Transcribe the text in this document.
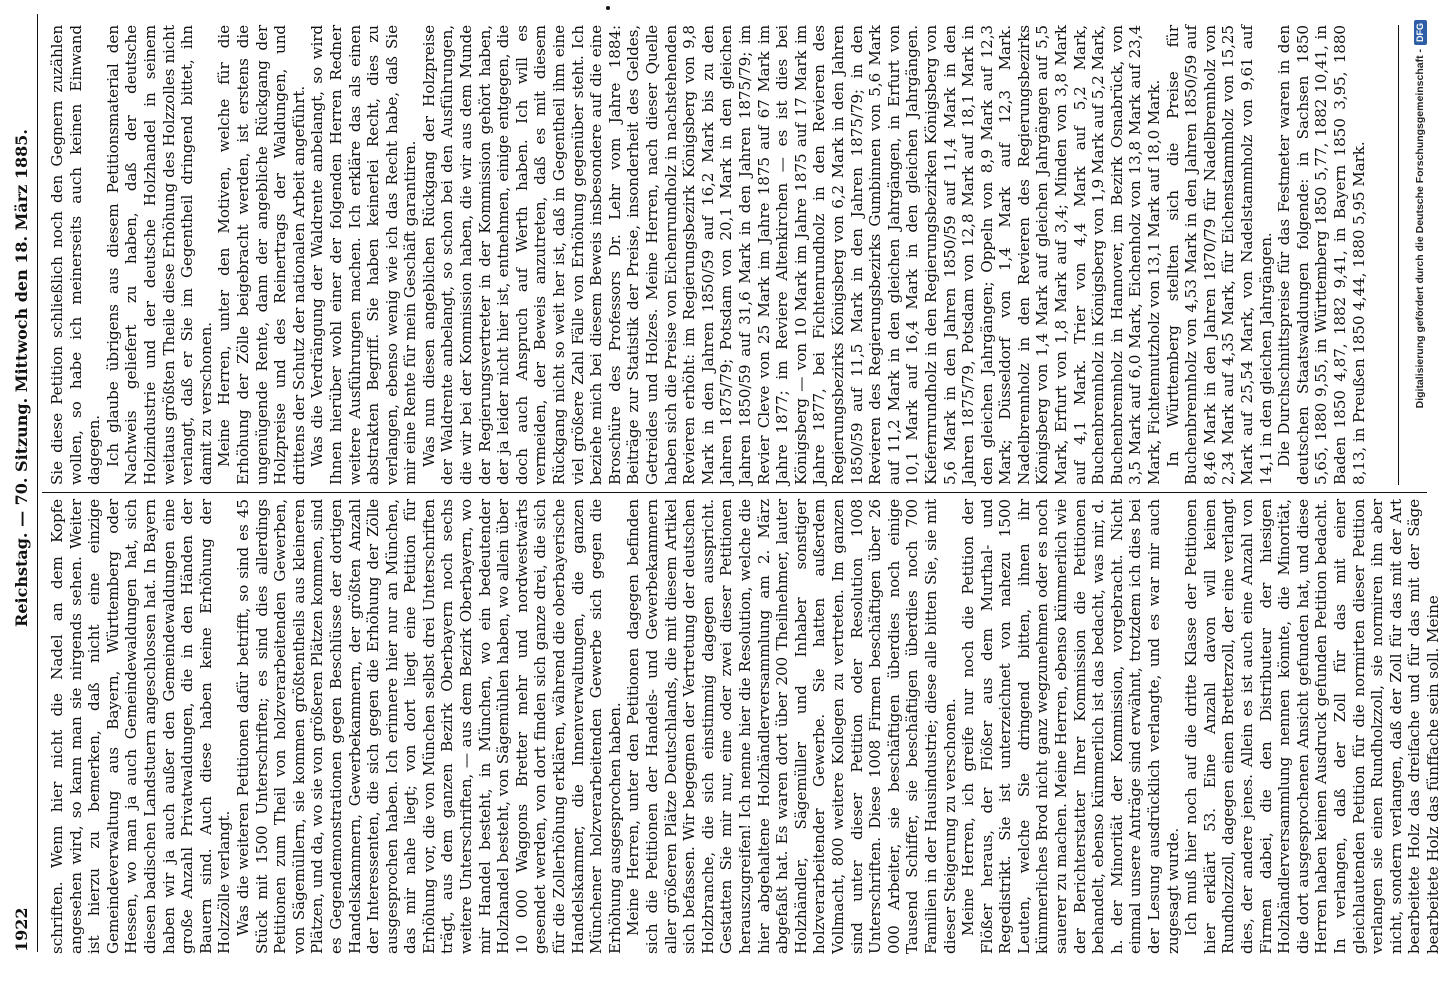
1922
Reichstag. — 70. Sitzung. Mittwoch den 18. März 1885.

schriften. Wenn hier nicht die Nadel an dem Kopfe angesehen wird, so kann man sie nirgends sehen. Weiter ist hierzu zu bemerken, daß nicht eine einzige Gemeindeverwaltung aus Bayern, Württemberg oder Hessen, wo man ja auch Gemeindewaldungen hat, sich diesen badischen Landstuern angeschlossen hat. In Bayern haben wir ja auch außer den Gemeindewaldungen eine große Anzahl Privatwaldungen, die in den Händen der Bauern sind. Auch diese haben keine Erhöhung der Holzzölle verlangt. Was die weiteren Petitionen dafür betrifft, so sind es 45 Stück mit 1500 Unterschriften; es sind dies allerdings Petitionen zum Theil von holzverarbeitenden Gewerben, von Sägemüllern, sie kommen größtentheils aus kleineren Plätzen, und da, wo sie von größeren Plätzen kommen, sind es Gegendemonstrationen gegen Beschlüsse der dortigen Handelskammern, Gewerbekammern, der größten Anzahl der Interessenten, die sich gegen die Erhöhung der Zölle ausgesprochen haben. Ich erinnere hier nur an München, das mir nahe liegt; von dort liegt eine Petition für Erhöhung vor, die von München selbst drei Unterschriften trägt, aus dem ganzen Bezirk Oberbayern noch sechs weitere Unterschriften, — aus dem Bezirk Oberbayern, wo mir Handel besteht, in München, wo ein bedeutender Holzhandel besteht, von Sägemühlen haben, wo allein über 10 000 Waggons Bretter mehr und nordwestwärts gesendet werden, von dort finden sich ganze drei, die sich für die Zollerhöhung erklären, während die oberbayerische Handelskammer, die Innenverwaltungen, die ganzen Münchener holzverarbeitenden Gewerbe sich gegen die Erhöhung ausgesprochen haben. Meine Herren, unter den Petitionen dagegen befinden sich die Petitionen der Handels- und Gewerbekammern aller größeren Plätze Deutschlands, die mit diesem Artikel sich befassen. Wir begegnen der Vertretung der deutschen Holzbranche, die sich einstimmig dagegen ausspricht. Gestatten Sie mir nur, eine oder zwei dieser Petitionen herauszugreifen! Ich nenne hier die Resolution, welche die hier abgehaltene Holzhändlerversammlung am 2. März abgefaßt hat. Es waren dort über 200 Theilnehmer, lauter Holzhändler, Sägemüller und Inhaber sonstiger holzverarbeitender Gewerbe. Sie hatten außerdem Vollmacht, 800 weitere Kollegen zu vertreten. Im ganzen sind unter dieser Petition oder Resolution 1008 Unterschriften. Diese 1008 Firmen beschäftigen über 26 000 Arbeiter, sie beschäftigen überdies noch einige Tausend Schiffer, sie beschäftigen überdies noch 700 Familien in der Hausindustrie; diese alle bitten Sie, sie mit dieser Steigerung zu verschonen. Meine Herren, ich greife nur noch die Petition der Flößer heraus, der Flößer aus dem Murthal- und Regedistrikt. Sie ist unterzeichnet von nahezu 1500 Leuten, welche Sie dringend bitten, ihnen ihr kümmerliches Brod nicht ganz wegzunehmen oder es noch sauerer zu machen. Meine Herren, ebenso kümmerlich wie der Berichterstatter Ihrer Kommission die Petitionen behandelt, ebenso kümmerlich ist das bedacht, was mir, d. h. der Minorität der Kommission, vorgebracht. Nicht einmal unsere Anträge sind erwähnt, trotzdem ich dies bei der Lesung ausdrücklich verlangte, und es war mir auch zugesagt wurde. Ich muß hier noch auf die dritte Klasse der Petitionen hier erklärt 53. Eine Anzahl davon will keinen Rundholzzoll, dagegen einen Bretterzoll, der eine verlangt dies, der andere jenes. Allein es ist auch eine Anzahl von Firmen dabei, die den Distributeur der hiesigen Holzhändlerversammlung nennen könnte, die Minorität, die dort ausgesprochenen Ansicht gefunden hat, und diese Herren haben keinen Ausdruck gefunden Petition bedacht. In verlangen, daß der Zoll für das mit einer gleichlautenden Petition für die normirten dieser Petition verlangen sie einen Rundholzzoll, sie normiren ihn aber nicht, sondern verlangen, daß der Zoll für das mit der Art bearbeitete Holz das dreifache und für das mit der Säge bearbeitete Holz das fünffache sein soll. Meine

Sie diese Petition schließlich noch den Gegnern zuzählen wollen, so habe ich meinerseits auch keinen Einwand dagegen. Ich glaube übrigens aus diesem Petitionsmaterial den Nachweis geliefert zu haben, daß der deutsche Holzindustrie und der deutsche Holzhandel in seinem weitaus größten Theile diese Erhöhung des Holzzolles nicht verlangt, daß er Sie im Gegentheil dringend bittet, ihn damit zu verschonen. Meine Herren, unter den Motiven, welche für die Erhöhung der Zölle beigebracht werden, ist erstens die ungenügende Rente, dann der angebliche Rückgang der Holzpreise und des Reinertrags der Waldungen, und drittens der Schutz der nationalen Arbeit angeführt. Was die Verdrängung der Waldrente anbelangt, so wird Ihnen hierüber wohl einer der folgenden Herren Redner weitere Ausführungen machen. Ich erkläre das als einen abstrakten Begriff. Sie haben keinerlei Recht, dies zu verlangen, ebenso wenig wie ich das Recht habe, daß Sie mir eine Rente für mein Geschäft garantiren. Was nun diesen angeblichen Rückgang der Holzpreise der Waldrente anbelangt, so schon bei den Ausführungen, die wir bei der Kommission haben, die wir aus dem Munde der Regierungsvertreter in der Kommission gehört haben, der ja leider nicht hier ist, entnehmen, einige entgegen, die doch auch Anspruch auf Werth haben. Ich will es vermeiden, der Beweis anzutreten, daß es mit diesem Rückgang nicht so weit her ist, daß in Gegentheil ihm eine viel größere Zahl Fälle von Erhöhung gegenüber steht. Ich beziehe mich bei diesem Beweis insbesondere auf die eine Broschüre des Professors Dr. Lehr vom Jahre 1884: Beiträge zur Statistik der Preise, insonderheit des Geldes, Getreides und Holzes. Meine Herren, nach dieser Quelle haben sich die Preise von Eichenrundholz in nachstehenden Revieren erhöht: im Regierungsbezirk Königsberg von 9,8 Mark in den Jahren 1850/59 auf 16,2 Mark bis zu den Jahren 1875/79; Potsdam von 20,1 Mark in den gleichen Jahren 1850/59 auf 31,6 Mark in den Jahren 1875/79; im Revier Cleve von 25 Mark im Jahre 1875 auf 67 Mark im Jahre 1877; im Reviere Altenkirchen — es ist dies bei Königsberg — von 10 Mark im Jahre 1875 auf 17 Mark im Jahre 1877, bei Fichtenrundholz in den Revieren des Regierungsbezirks Königsberg von 6,2 Mark in den Jahren 1850/59 auf 11,5 Mark in den Jahren 1875/79; in den Revieren des Regierungsbezirks Gumbinnen von 5,6 Mark auf 11,2 Mark in den gleichen Jahrgängen, in Erfurt von 10,1 Mark auf 16,4 Mark in den gleichen Jahrgängen. Kiefernrundholz in den Regierungsbezirken Königsberg von 5,6 Mark in den Jahren 1850/59 auf 11,4 Mark in den Jahren 1875/79, Potsdam von 12,8 Mark auf 18,1 Mark in den gleichen Jahrgängen; Oppeln von 8,9 Mark auf 12,3 Mark; Düsseldorf von 1,4 Mark auf 12,3 Mark. Nadelbrennholz in den Revieren des Regierungsbezirks Königsberg von 1,4 Mark auf gleichen Jahrgängen auf 5,5 Mark, Erfurt von 1,8 Mark auf 3,4; Minden von 3,8 Mark auf 4,1 Mark. Trier von 4,4 Mark auf 5,2 Mark, Buchenbrennholz in Königsberg von 1,9 Mark auf 5,2 Mark, Buchenbrennholz in Hannover, im Bezirk Osnabrück, von 3,5 Mark auf 6,0 Mark, Eichenholz von 13,8 Mark auf 23,4 Mark, Fichtennutzholz von 13,1 Mark auf 18,0 Mark. In Württemberg stellten sich die Preise für Buchenbrennholz von 4,53 Mark in den Jahren 1850/59 auf 8,46 Mark in den Jahren 1870/79 für Nadelbrennholz von 2,34 Mark auf 4,35 Mark, für Eichenstammholz von 15,25 Mark auf 25,54 Mark, von Nadelstammholz von 9,61 auf 14,1 in den gleichen Jahrgängen. Die Durchschnittspreise für das Festmeter waren in den deutschen Staatswaldungen folgende: in Sachsen 1850 5,65, 1880 9,55, in Württemberg 1850 5,77, 1882 10,41, in Baden 1850 4,87, 1882 9,41, in Bayern 1850 3,95, 1880 8,13, in Preußen 1850 4,44, 1880 5,95 Mark.	Digitalisierung gefördert durch die Deutsche Forschungsgemeinschaft -
DFG
